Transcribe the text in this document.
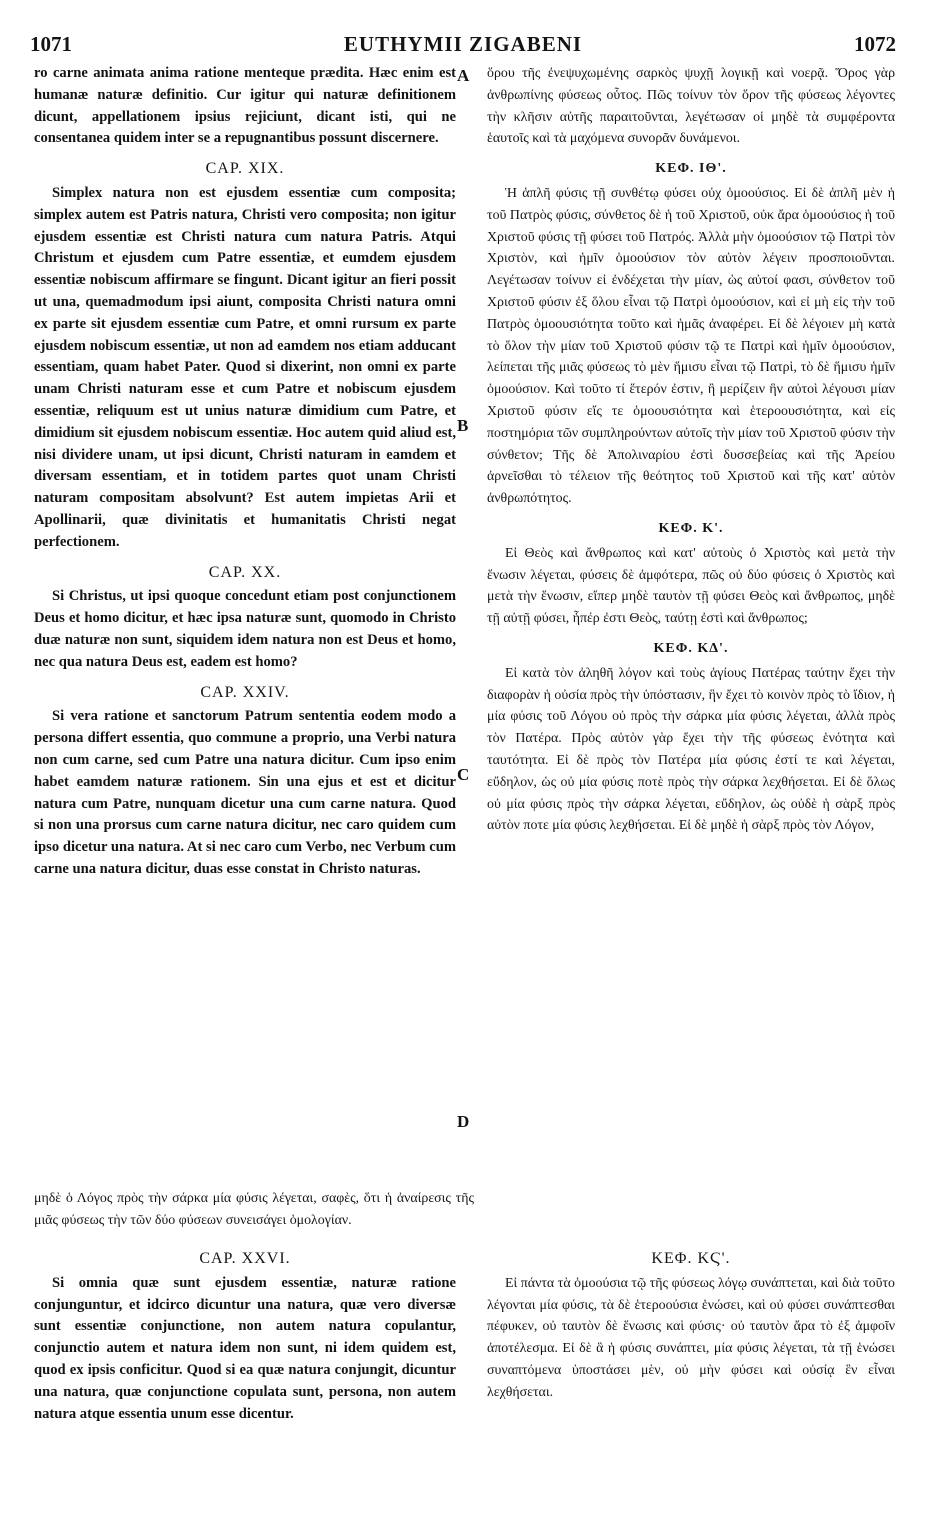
1071	EUTHYMII ZIGABENI	1072
A
B
C
D

ro carne animata anima ratione menteque prædita. Hæc enim est humanæ naturæ definitio. Cur igitur qui naturæ definitionem dicunt, appellationem ipsius rejiciunt, dicant isti, qui ne consentanea quidem inter se a repugnantibus possunt discernere.

CAP. XIX.

Simplex natura non est ejusdem essentiæ cum composita; simplex autem est Patris natura, Christi vero composita; non igitur ejusdem essentiæ est Christi natura cum natura Patris. Atqui Christum et ejusdem cum Patre essentiæ, et eumdem ejusdem essentiæ nobiscum affirmare se fingunt. Dicant igitur an fieri possit ut una, quemadmodum ipsi aiunt, composita Christi natura omni ex parte sit ejusdem essentiæ cum Patre, et omni rursum ex parte ejusdem nobiscum essentiæ, ut non ad eamdem nos etiam adducant essentiam, quam habet Pater. Quod si dixerint, non omni ex parte unam Christi naturam esse et cum Patre et nobiscum ejusdem essentiæ, reliquum est ut unius naturæ dimidium cum Patre, et dimidium sit ejusdem nobiscum essentiæ. Hoc autem quid aliud est, nisi dividere unam, ut ipsi dicunt, Christi naturam in eamdem et diversam essentiam, et in totidem partes quot unam Christi naturam compositam absolvunt? Est autem impietas Arii et Apollinarii, quæ divinitatis et humanitatis Christi negat perfectionem.

CAP. XX.

Si Christus, ut ipsi quoque concedunt etiam post conjunctionem Deus et homo dicitur, et hæc ipsa naturæ sunt, quomodo in Christo duæ naturæ non sunt, siquidem idem natura non est Deus et homo, nec qua natura Deus est, eadem est homo?

CAP. XXIV.

Si vera ratione et sanctorum Patrum sententia eodem modo a persona differt essentia, quo commune a proprio, una Verbi natura non cum carne, sed cum Patre una natura dicitur. Cum ipso enim habet eamdem naturæ rationem. Sin una ejus et est et dicitur natura cum Patre, nunquam dicetur una cum carne natura. Quod si non una prorsus cum carne natura dicitur, nec caro quidem cum ipso dicetur una natura. At si nec caro cum Verbo, nec Verbum cum carne una natura dicitur, duas esse constat in Christo naturas.

μηδὲ ὁ Λόγος πρὸς τὴν σάρκα μία φύσις λέγεται, σαφὲς, ὅτι ἡ ἀναίρεσις τῆς μιᾶς φύσεως τὴν τῶν δύο φύσεων συνεισάγει ὁμολογίαν.
CAP. XXVI.

Si omnia quæ sunt ejusdem essentiæ, naturæ ratione conjunguntur, et idcirco dicuntur una natura, quæ vero diversæ sunt essentiæ conjunctione, non autem natura copulantur, conjunctio autem et natura idem non sunt, ni idem quidem est, quod ex ipsis conficitur. Quod si ea quæ natura conjungit, dicuntur una natura, quæ conjunctione copulata sunt, persona, non autem natura atque essentia unum esse dicentur.

ὅρου τῆς ἐνεψυχωμένης σαρκὸς ψυχῇ λογικῇ καὶ νοερᾷ. Ὅρος γὰρ ἀνθρωπίνης φύσεως οὗτος. Πῶς τοίνυν τὸν ὅρον τῆς φύσεως λέγοντες τὴν κλῆσιν αὐτῆς παραιτοῦνται, λεγέτωσαν οἱ μηδὲ τὰ συμφέροντα ἑαυτοῖς καὶ τὰ μαχόμενα συνορᾶν δυνάμενοι.

ΚΕΦ. ΙΘ'.

Ἡ ἁπλῆ φύσις τῇ συνθέτῳ φύσει οὐχ ὁμοούσιος. Εἰ δὲ ἁπλῆ μὲν ἡ τοῦ Πατρὸς φύσις, σύνθετος δὲ ἡ τοῦ Χριστοῦ, οὐκ ἄρα ὁμοούσιος ἡ τοῦ Χριστοῦ φύσις τῇ φύσει τοῦ Πατρός. Ἀλλὰ μὴν ὁμοούσιον τῷ Πατρὶ τὸν Χριστὸν, καὶ ἡμῖν ὁμοούσιον τὸν αὐτὸν λέγειν προσποιοῦνται. Λεγέτωσαν τοίνυν εἰ ἐνδέχεται τὴν μίαν, ὡς αὐτοί φασι, σύνθετον τοῦ Χριστοῦ φύσιν ἐξ ὅλου εἶναι τῷ Πατρὶ ὁμοούσιον, καὶ εἰ μὴ εἰς τὴν τοῦ Πατρὸς ὁμοουσιότητα τοῦτο καὶ ἡμᾶς ἀναφέρει. Εἰ δὲ λέγοιεν μὴ κατὰ τὸ ὅλον τὴν μίαν τοῦ Χριστοῦ φύσιν τῷ τε Πατρὶ καὶ ἡμῖν ὁμοούσιον, λείπεται τῆς μιᾶς φύσεως τὸ μὲν ἥμισυ εἶναι τῷ Πατρὶ, τὸ δὲ ἥμισυ ἡμῖν ὁμοούσιον. Καὶ τοῦτο τί ἕτερόν ἐστιν, ἢ μερίζειν ἣν αὐτοὶ λέγουσι μίαν Χριστοῦ φύσιν εἴς τε ὁμοουσιότητα καὶ ἑτεροουσιότητα, καὶ εἰς ποστημόρια τῶν συμπληρούντων αὐτοῖς τὴν μίαν τοῦ Χριστοῦ φύσιν τὴν σύνθετον; Τῆς δὲ Ἀπολιναρίου ἐστὶ δυσσεβείας καὶ τῆς Ἀρείου ἀρνεῖσθαι τὸ τέλειον τῆς θεότητος τοῦ Χριστοῦ καὶ τῆς κατ' αὐτὸν ἀνθρωπότητος.

ΚΕΦ. Κ'.

Εἰ Θεὸς καὶ ἄνθρωπος καὶ κατ' αὐτοὺς ὁ Χριστὸς καὶ μετὰ τὴν ἕνωσιν λέγεται, φύσεις δὲ ἀμφότερα, πῶς οὐ δύο φύσεις ὁ Χριστὸς καὶ μετὰ τὴν ἕνωσιν, εἴπερ μηδὲ ταυτὸν τῇ φύσει Θεὸς καὶ ἄνθρωπος, μηδὲ τῇ αὐτῇ φύσει, ἧπέρ ἐστι Θεὸς, ταύτῃ ἐστὶ καὶ ἄνθρωπος;

ΚΕΦ. ΚΔ'.

Εἰ κατὰ τὸν ἀληθῆ λόγον καὶ τοὺς ἁγίους Πατέρας ταύτην ἔχει τὴν διαφορὰν ἡ οὐσία πρὸς τὴν ὑπόστασιν, ἣν ἔχει τὸ κοινὸν πρὸς τὸ ἴδιον, ἡ μία φύσις τοῦ Λόγου οὐ πρὸς τὴν σάρκα μία φύσις λέγεται, ἀλλὰ πρὸς τὸν Πατέρα. Πρὸς αὐτὸν γὰρ ἔχει τὴν τῆς φύσεως ἑνότητα καὶ ταυτότητα. Εἰ δὲ πρὸς τὸν Πατέρα μία φύσις ἐστί τε καὶ λέγεται, εὔδηλον, ὡς οὐ μία φύσις ποτὲ πρὸς τὴν σάρκα λεχθήσεται. Εἰ δὲ ὅλως οὐ μία φύσις πρὸς τὴν σάρκα λέγεται, εὔδηλον, ὡς οὐδὲ ἡ σὰρξ πρὸς αὐτὸν ποτε μία φύσις λεχθήσεται. Εἰ δὲ μηδὲ ἡ σὰρξ πρὸς τὸν Λόγον,

ΚΕΦ. ΚϚ'.

Εἰ πάντα τὰ ὁμοούσια τῷ τῆς φύσεως λόγῳ συνάπτεται, καὶ διὰ τοῦτο λέγονται μία φύσις, τὰ δὲ ἑτεροούσια ἑνώσει, καὶ οὐ φύσει συνάπτεσθαι πέφυκεν, οὐ ταυτὸν δὲ ἕνωσις καὶ φύσις· οὐ ταυτὸν ἄρα τὸ ἐξ ἀμφοῖν ἀποτέλεσμα. Εἰ δὲ ἃ ἡ φύσις συνάπτει, μία φύσις λέγεται, τὰ τῇ ἑνώσει συναπτόμενα ὑποστάσει μὲν, οὐ μὴν φύσει καὶ οὐσίᾳ ἓν εἶναι λεχθήσεται.
